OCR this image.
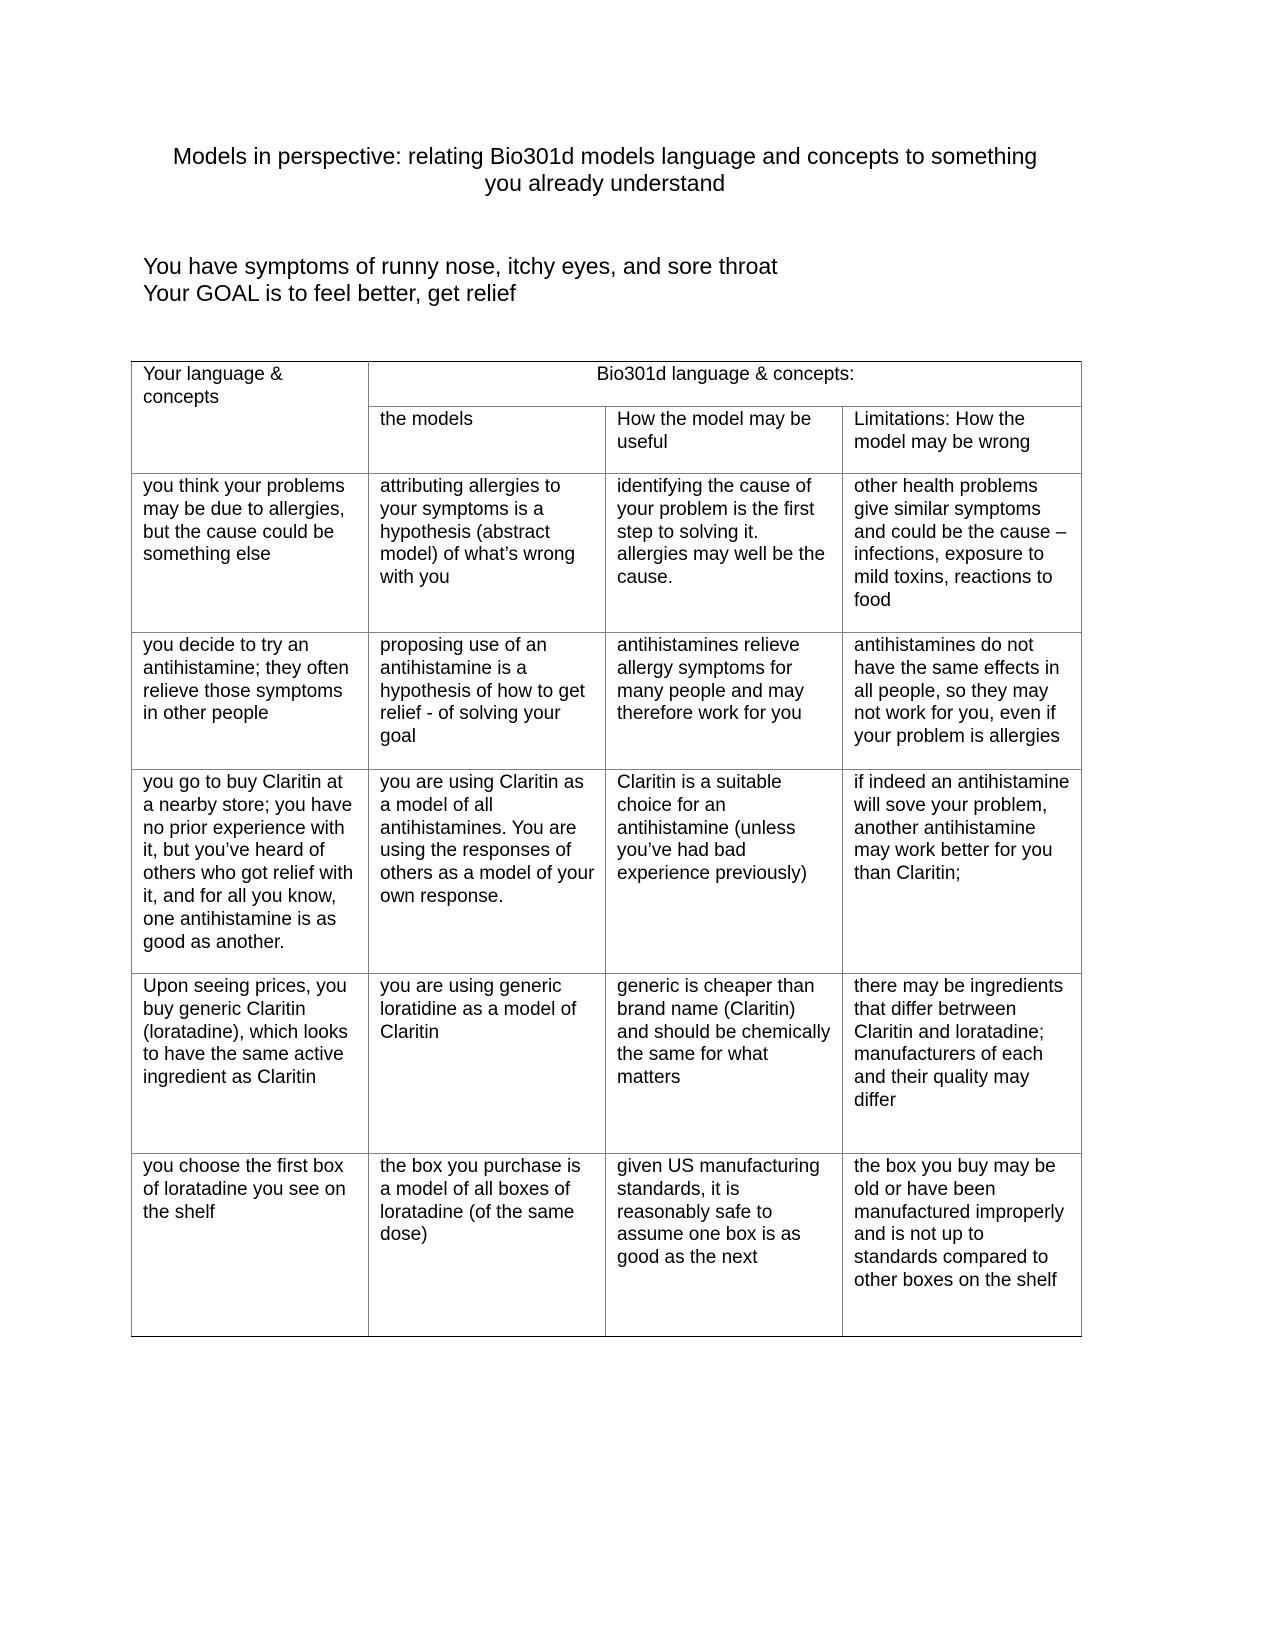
Models in perspective: relating Bio301d models language and concepts to something
you already understand
You have symptoms of runny nose, itchy eyes, and sore throat
Your GOAL is to feel better, get relief
Your language & concepts	Bio301d language & concepts:		
	the models	How the model may be useful	Limitations: How the model may be wrong
you think your problems may be due to allergies, but the cause could be something else	attributing allergies to your symptoms is a hypothesis (abstract model) of what’s wrong with you	identifying the cause of your problem is the first step to solving it. allergies may well be the cause.	other health problems give similar symptoms and could be the cause –infections, exposure to mild toxins, reactions to food
you decide to try an antihistamine; they often relieve those symptoms in other people	proposing use of an antihistamine is a hypothesis of how to get relief - of solving your goal	antihistamines relieve allergy symptoms for many people and may therefore work for you	antihistamines do not have the same effects in all people, so they may not work for you, even if your problem is allergies
you go to buy Claritin at a nearby store; you have no prior experience with it, but you’ve heard of others who got relief with it, and for all you know, one antihistamine is as good as another.	you are using Claritin as a model of all antihistamines. You are using the responses of others as a model of your own response.	Claritin is a suitable choice for an antihistamine (unless you’ve had bad experience previously)	if indeed an antihistamine will sove your problem, another antihistamine may work better for you than Claritin;
Upon seeing prices, you buy generic Claritin (loratadine), which looks to have the same active ingredient as Claritin	you are using generic loratidine as a model of Claritin	generic is cheaper than brand name (Claritin) and should be chemically the same for what matters	there may be ingredients that differ betrween Claritin and loratadine; manufacturers of each and their quality may differ
you choose the first box of loratadine you see on the shelf	the box you purchase is a model of all boxes of loratadine (of the same dose)	given US manufacturing standards, it is reasonably safe to assume one box is as good as the next	the box you buy may be old or have been manufactured improperly and is not up to standards compared to other boxes on the shelf
